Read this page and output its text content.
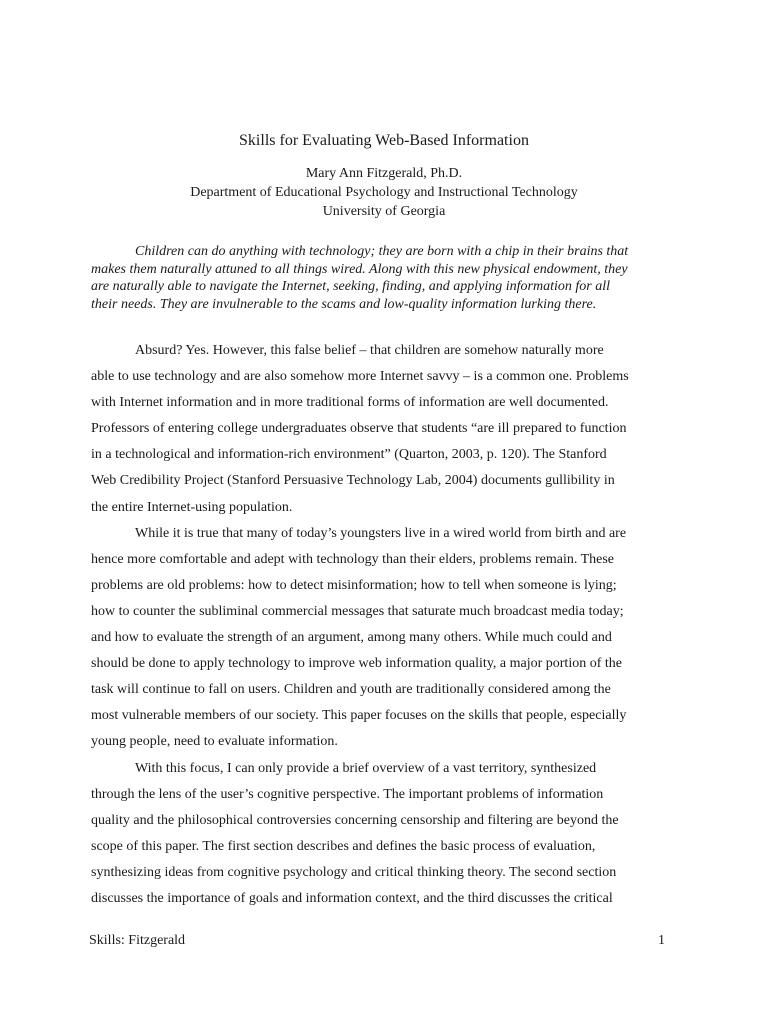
Skills for Evaluating Web-Based Information
Mary Ann Fitzgerald, Ph.D.
Department of Educational Psychology and Instructional Technology
University of Georgia
Children can do anything with technology; they are born with a chip in their brains that
makes them naturally attuned to all things wired. Along with this new physical endowment, they
are naturally able to navigate the Internet, seeking, finding, and applying information for all
their needs. They are invulnerable to the scams and low-quality information lurking there.
Absurd? Yes. However, this false belief – that children are somehow naturally more
able to use technology and are also somehow more Internet savvy – is a common one. Problems
with Internet information and in more traditional forms of information are well documented.
Professors of entering college undergraduates observe that students “are ill prepared to function
in a technological and information-rich environment” (Quarton, 2003, p. 120). The Stanford
Web Credibility Project (Stanford Persuasive Technology Lab, 2004) documents gullibility in
the entire Internet-using population.
While it is true that many of today’s youngsters live in a wired world from birth and are
hence more comfortable and adept with technology than their elders, problems remain. These
problems are old problems: how to detect misinformation; how to tell when someone is lying;
how to counter the subliminal commercial messages that saturate much broadcast media today;
and how to evaluate the strength of an argument, among many others. While much could and
should be done to apply technology to improve web information quality, a major portion of the
task will continue to fall on users. Children and youth are traditionally considered among the
most vulnerable members of our society. This paper focuses on the skills that people, especially
young people, need to evaluate information.
With this focus, I can only provide a brief overview of a vast territory, synthesized
through the lens of the user’s cognitive perspective. The important problems of information
quality and the philosophical controversies concerning censorship and filtering are beyond the
scope of this paper. The first section describes and defines the basic process of evaluation,
synthesizing ideas from cognitive psychology and critical thinking theory. The second section
discusses the importance of goals and information context, and the third discusses the critical
Skills: Fitzgerald	1
